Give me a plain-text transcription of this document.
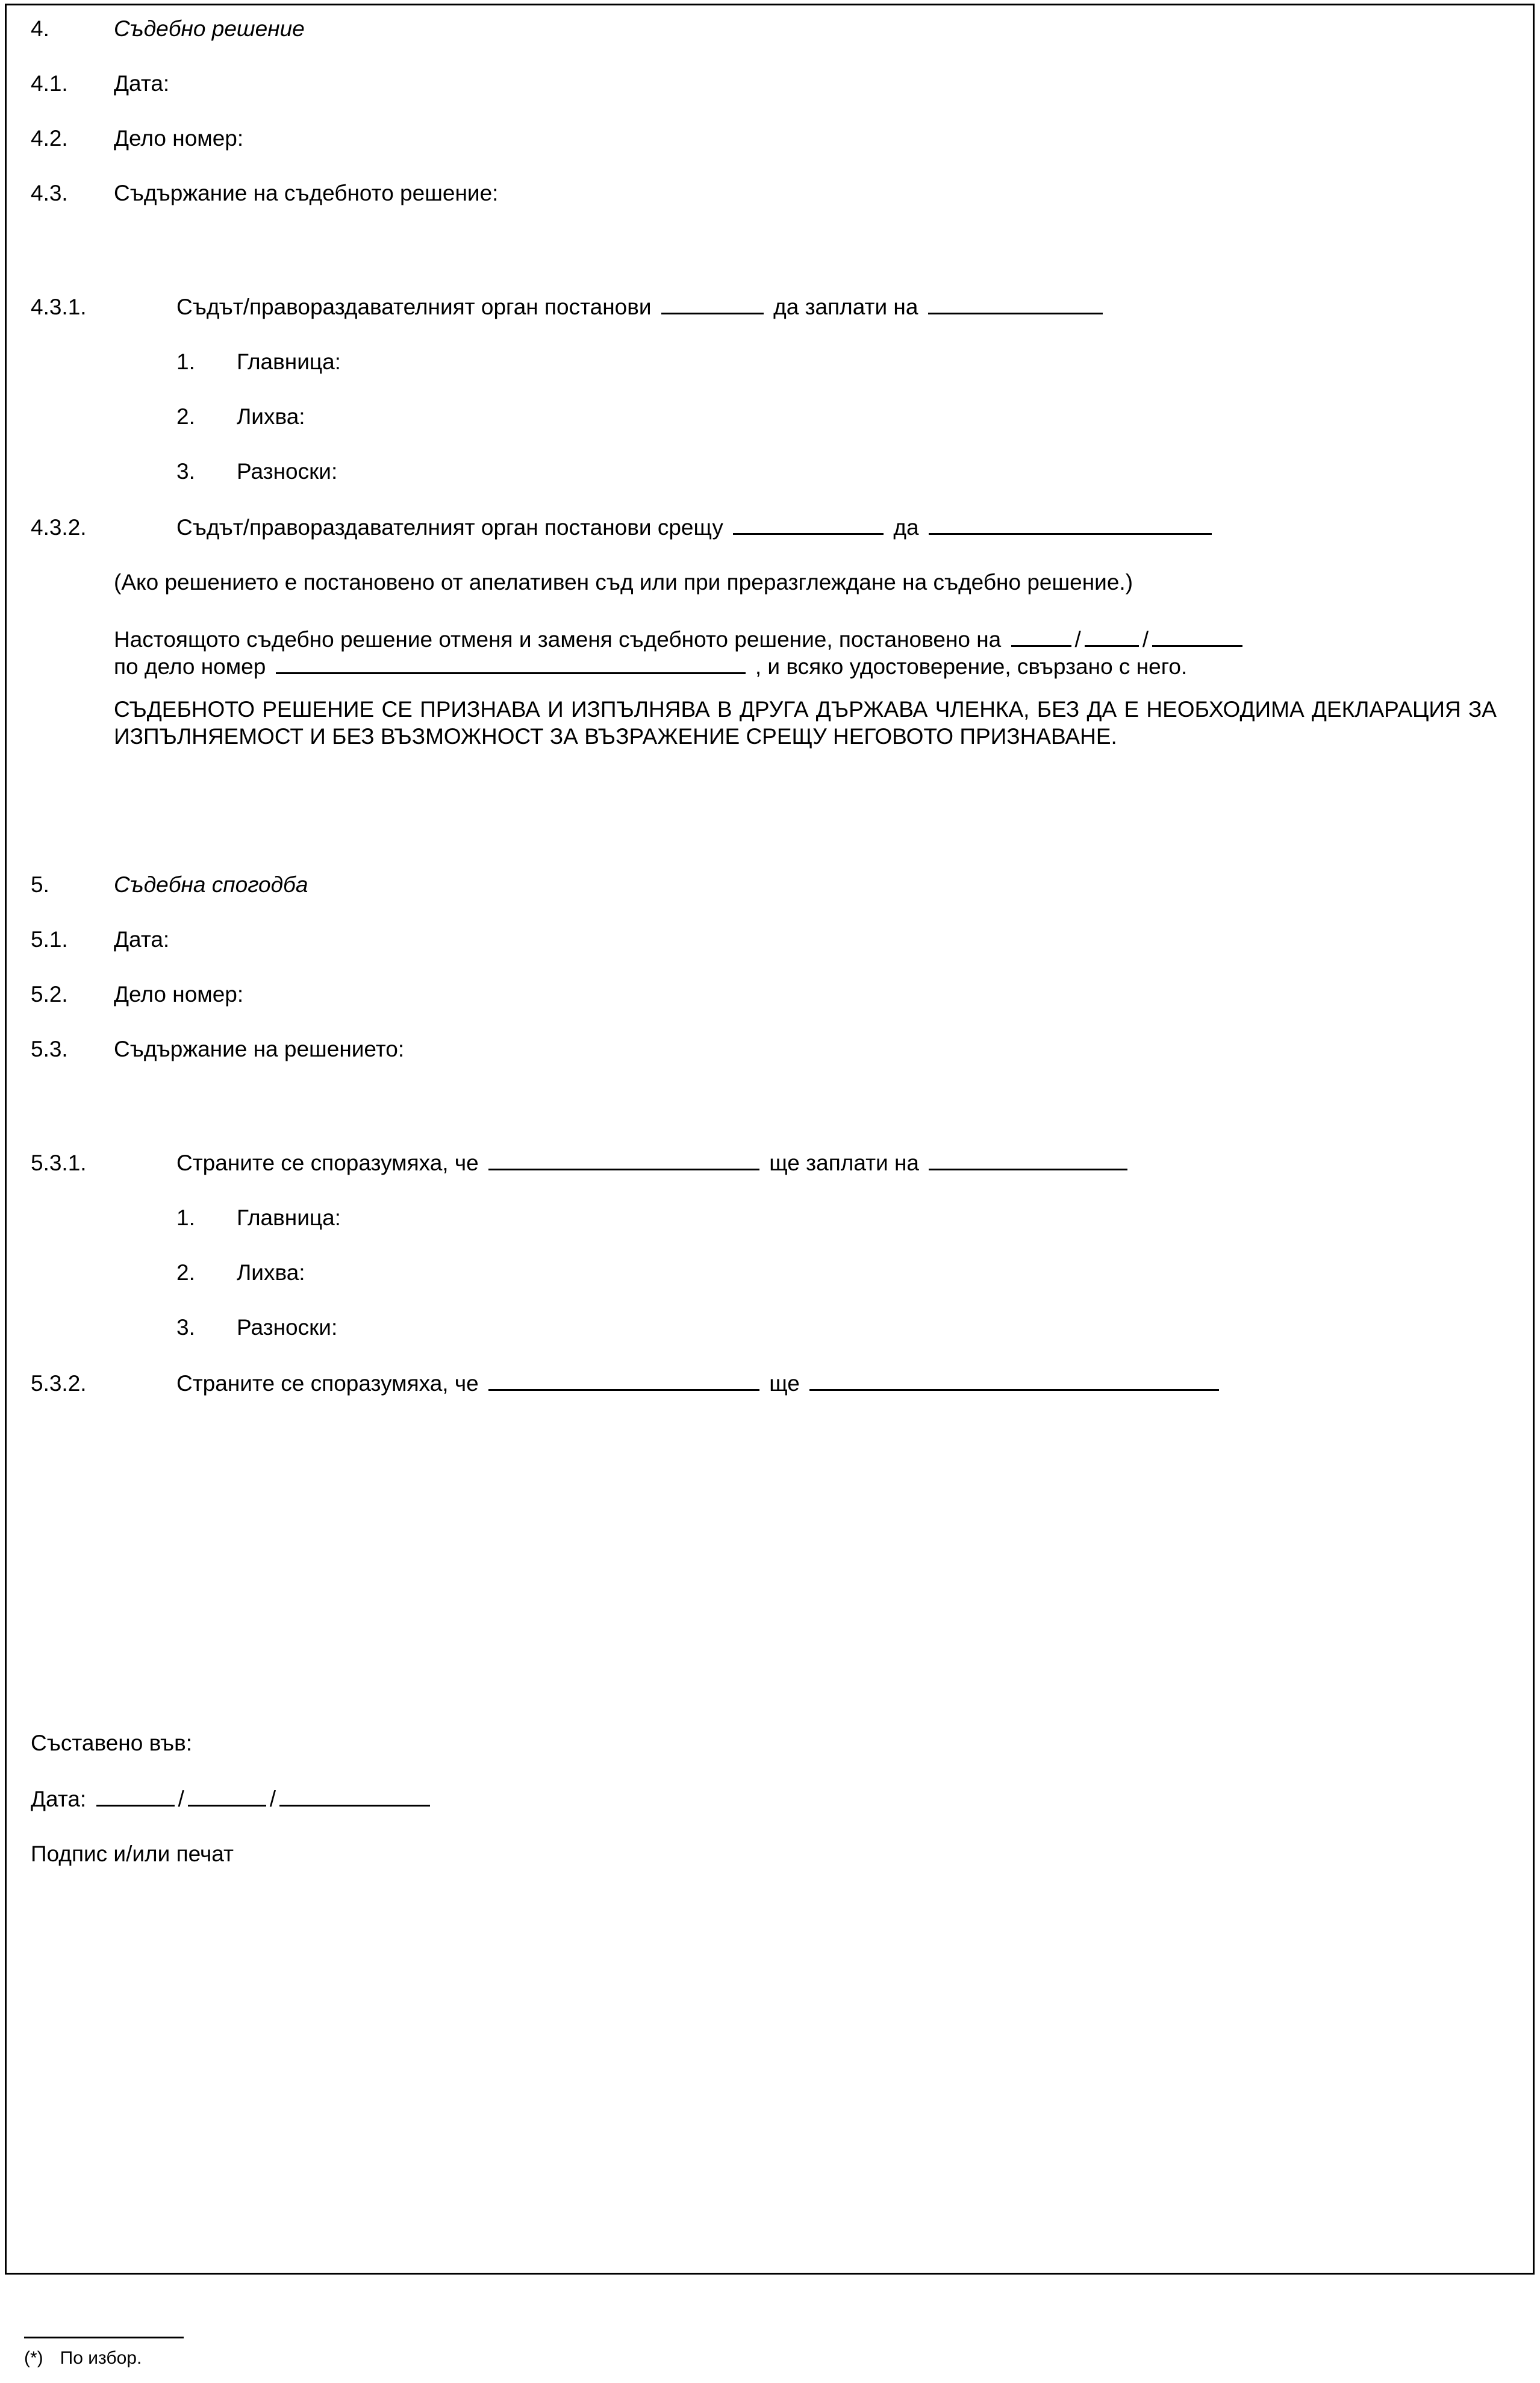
4.	Съдебно решение
4.1.	Дата:
4.2.	Дело номер:
4.3.	Съдържание на съдебното решение:
4.3.1.	Съдът/правораздавателният орган постанови	да заплати на
1.	Главница:
2.	Лихва:
3.	Разноски:
4.3.2.	Съдът/правораздавателният орган постанови срещу	да
(Ако решението е постановено от апелативен съд или при преразглеждане на съдебно решение.)
Настоящото съдебно решение отменя и заменя съдебното решение, постановено на	/	/
по дело номер	, и всяко удостоверение, свързано с него.
СЪДЕБНОТО РЕШЕНИЕ СЕ ПРИЗНАВА И ИЗПЪЛНЯВА В ДРУГА ДЪРЖАВА ЧЛЕНКА, БЕЗ ДА Е НЕОБХОДИМА ДЕКЛАРАЦИЯ ЗА ИЗПЪЛНЯЕМОСТ И БЕЗ ВЪЗМОЖНОСТ ЗА ВЪЗРАЖЕНИЕ СРЕЩУ НЕГОВОТО ПРИЗНАВАНЕ.
5.	Съдебна спогодба
5.1.	Дата:
5.2.	Дело номер:
5.3.	Съдържание на решението:
5.3.1.	Страните се споразумяха, че	ще заплати на
1.	Главница:
2.	Лихва:
3.	Разноски:
5.3.2.	Страните се споразумяха, че	ще
Съставено във:
Дата:	/	/
Подпис и/или печат
(*) По избор.
